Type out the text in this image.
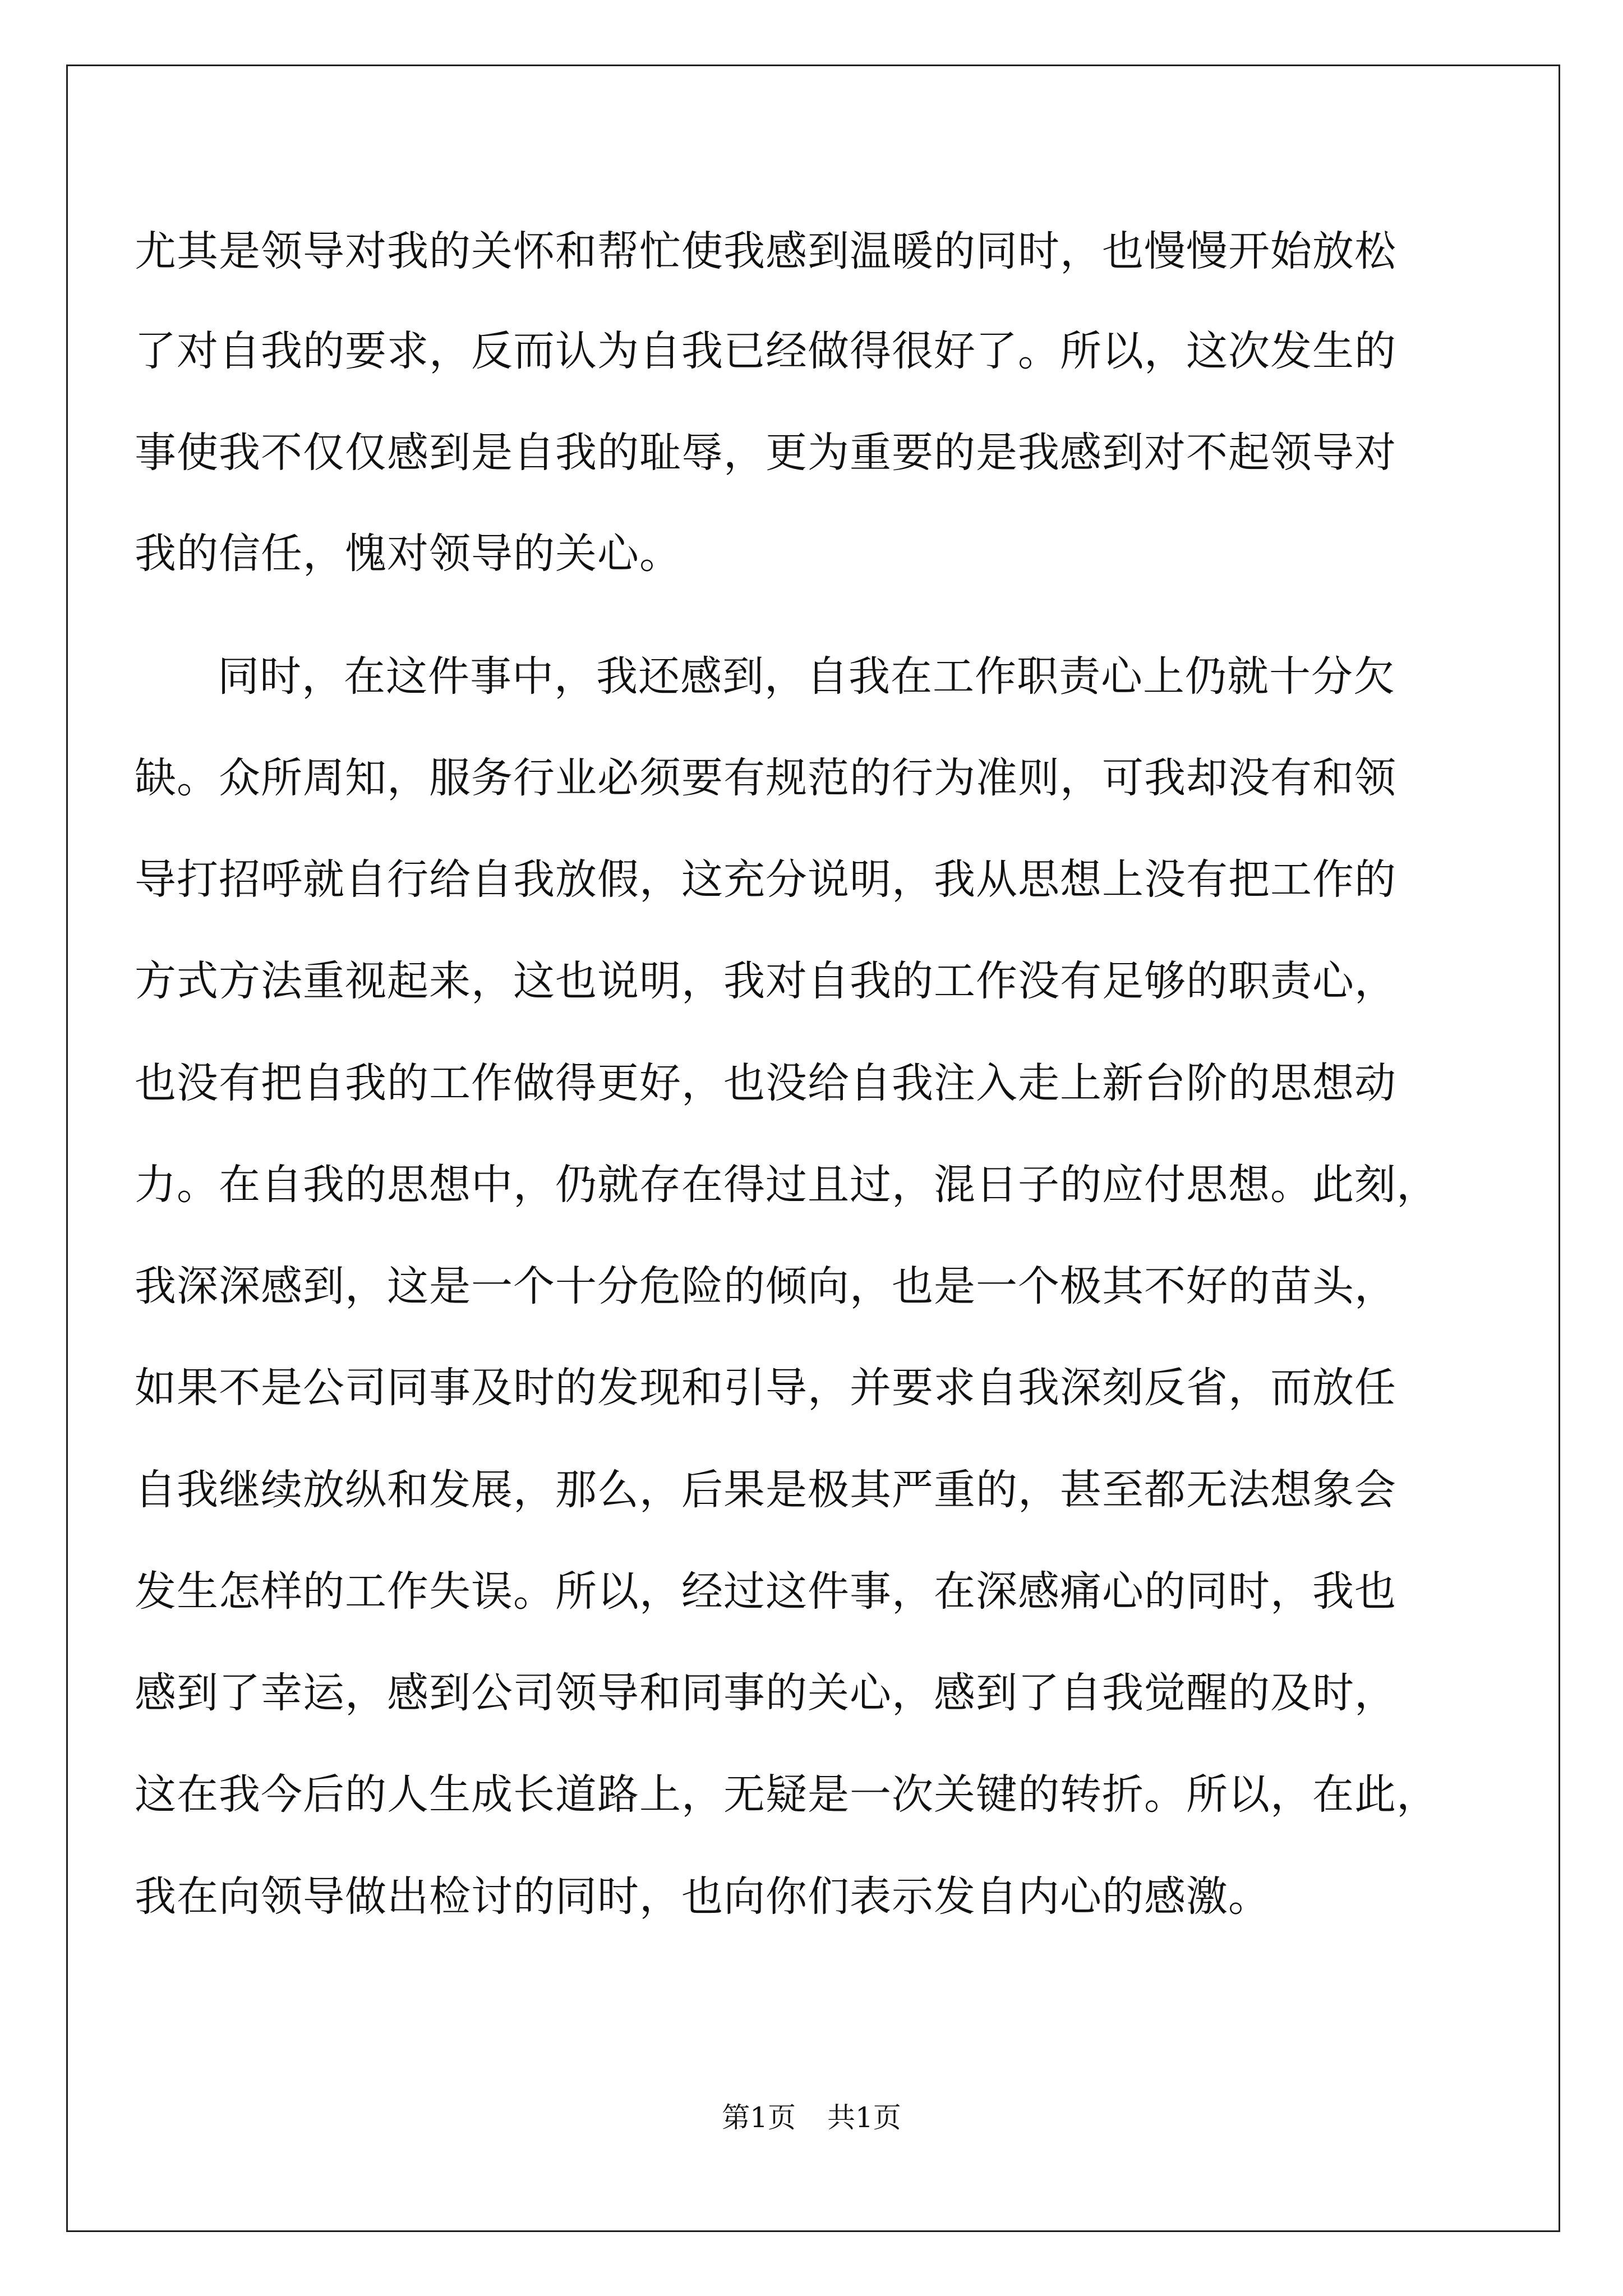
尤其是领导对我的关怀和帮忙使我感到温暖的同时，也慢慢开始放松
了对自我的要求，反而认为自我已经做得很好了。所以，这次发生的
事使我不仅仅感到是自我的耻辱，更为重要的是我感到对不起领导对
我的信任，愧对领导的关心。
同时，在这件事中，我还感到，自我在工作职责心上仍就十分欠
缺。众所周知，服务行业必须要有规范的行为准则，可我却没有和领
导打招呼就自行给自我放假，这充分说明，我从思想上没有把工作的
方式方法重视起来，这也说明，我对自我的工作没有足够的职责心，
也没有把自我的工作做得更好，也没给自我注入走上新台阶的思想动
力。在自我的思想中，仍就存在得过且过，混日子的应付思想。此刻，
我深深感到，这是一个十分危险的倾向，也是一个极其不好的苗头，
如果不是公司同事及时的发现和引导，并要求自我深刻反省，而放任
自我继续放纵和发展，那么，后果是极其严重的，甚至都无法想象会
发生怎样的工作失误。所以，经过这件事，在深感痛心的同时，我也
感到了幸运，感到公司领导和同事的关心，感到了自我觉醒的及时，
这在我今后的人生成长道路上，无疑是一次关键的转折。所以，在此，
我在向领导做出检讨的同时，也向你们表示发自内心的感激。
第1页 共1页
